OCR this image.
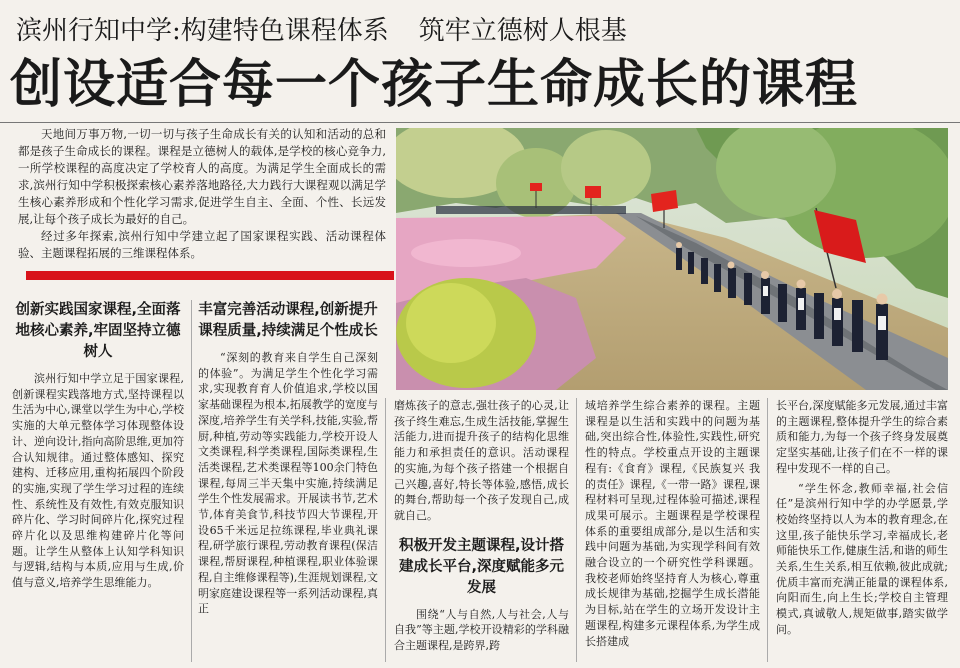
滨州行知中学:构建特色课程体系 筑牢立德树人根基
创设适合每一个孩子生命成长的课程

天地间万事万物,一切一切与孩子生命成长有关的认知和活动的总和都是孩子生命成长的课程。课程是立德树人的载体,是学校的核心竞争力,一所学校课程的高度决定了学校育人的高度。为满足学生全面成长的需求,滨州行知中学积极探索核心素养落地路径,大力践行大课程观以满足学生核心素养形成和个性化学习需求,促进学生自主、全面、个性、长远发展,让每个孩子成长为最好的自己。

经过多年探索,滨州行知中学建立起了国家课程实践、活动课程体验、主题课程拓展的三维课程体系。

创新实践国家课程,全面落地核心素养,牢固坚持立德树人

滨州行知中学立足于国家课程,创新课程实践落地方式,坚持课程以生活为中心,课堂以学生为中心,学校实施的大单元整体学习体现整体设计、逆向设计,指向高阶思维,更加符合认知规律。通过整体感知、探究建构、迁移应用,重构拓展四个阶段的实施,实现了学生学习过程的连续性、系统性及有效性,有效克服知识碎片化、学习时间碎片化,探究过程碎片化以及思维构建碎片化等问题。让学生从整体上认知学科知识与逻辑,结构与本质,应用与生成,价值与意义,培养学生思维能力。

丰富完善活动课程,创新提升课程质量,持续满足个性成长

“深刻的教育来自学生自己深刻的体验”。为满足学生个性化学习需求,实现教育育人价值追求,学校以国家基础课程为根本,拓展教学的宽度与深度,培养学生有关学科,技能,实验,帮厨,种植,劳动等实践能力,学校开设人文类课程,科学类课程,国际类课程,生活类课程,艺术类课程等100余门特色课程,每周三半天集中实施,持续满足学生个性发展需求。开展读书节,艺术节,体育美食节,科技节四大节课程,开设65千米远足拉练课程,毕业典礼课程,研学旅行课程,劳动教育课程(保洁课程,帮厨课程,种植课程,职业体验课程,自主维修课程等),生涯规划课程,文明家庭建设课程等一系列活动课程,真正

磨炼孩子的意志,强壮孩子的心灵,让孩子终生难忘,生成生活技能,掌握生活能力,进而提升孩子的结构化思维能力和承担责任的意识。活动课程的实施,为每个孩子搭建一个根据自己兴趣,喜好,特长等体验,感悟,成长的舞台,帮助每一个孩子发现自己,成就自己。

积极开发主题课程,设计搭建成长平台,深度赋能多元发展

围绕“人与自然,人与社会,人与自我”等主题,学校开设精彩的学科融合主题课程,是跨界,跨

域培养学生综合素养的课程。主题课程是以生活和实践中的问题为基础,突出综合性,体验性,实践性,研究性的特点。学校重点开设的主题课程有:《食育》课程,《民族复兴 我的责任》课程,《一带一路》课程,课程材料可呈现,过程体验可描述,课程成果可展示。主题课程是学校课程体系的重要组成部分,是以生活和实践中问题为基础,为实现学科间有效融合设立的一个研究性学科课题。我校老师始终坚持育人为核心,尊重成长规律为基础,挖掘学生成长潜能为目标,站在学生的立场开发设计主题课程,构建多元课程体系,为学生成长搭建成

长平台,深度赋能多元发展,通过丰富的主题课程,整体提升学生的综合素质和能力,为每一个孩子终身发展奠定坚实基础,让孩子们在不一样的课程中发现不一样的自己。

“学生怀念,教师幸福,社会信任”是滨州行知中学的办学愿景,学校始终坚持以人为本的教育理念,在这里,孩子能快乐学习,幸福成长,老师能快乐工作,健康生活,和谐的师生关系,生生关系,相互依赖,彼此成就;优质丰富而充满正能量的课程体系,向阳而生,向上生长;学校自主管理模式,真诚敬人,规矩做事,踏实做学问。
